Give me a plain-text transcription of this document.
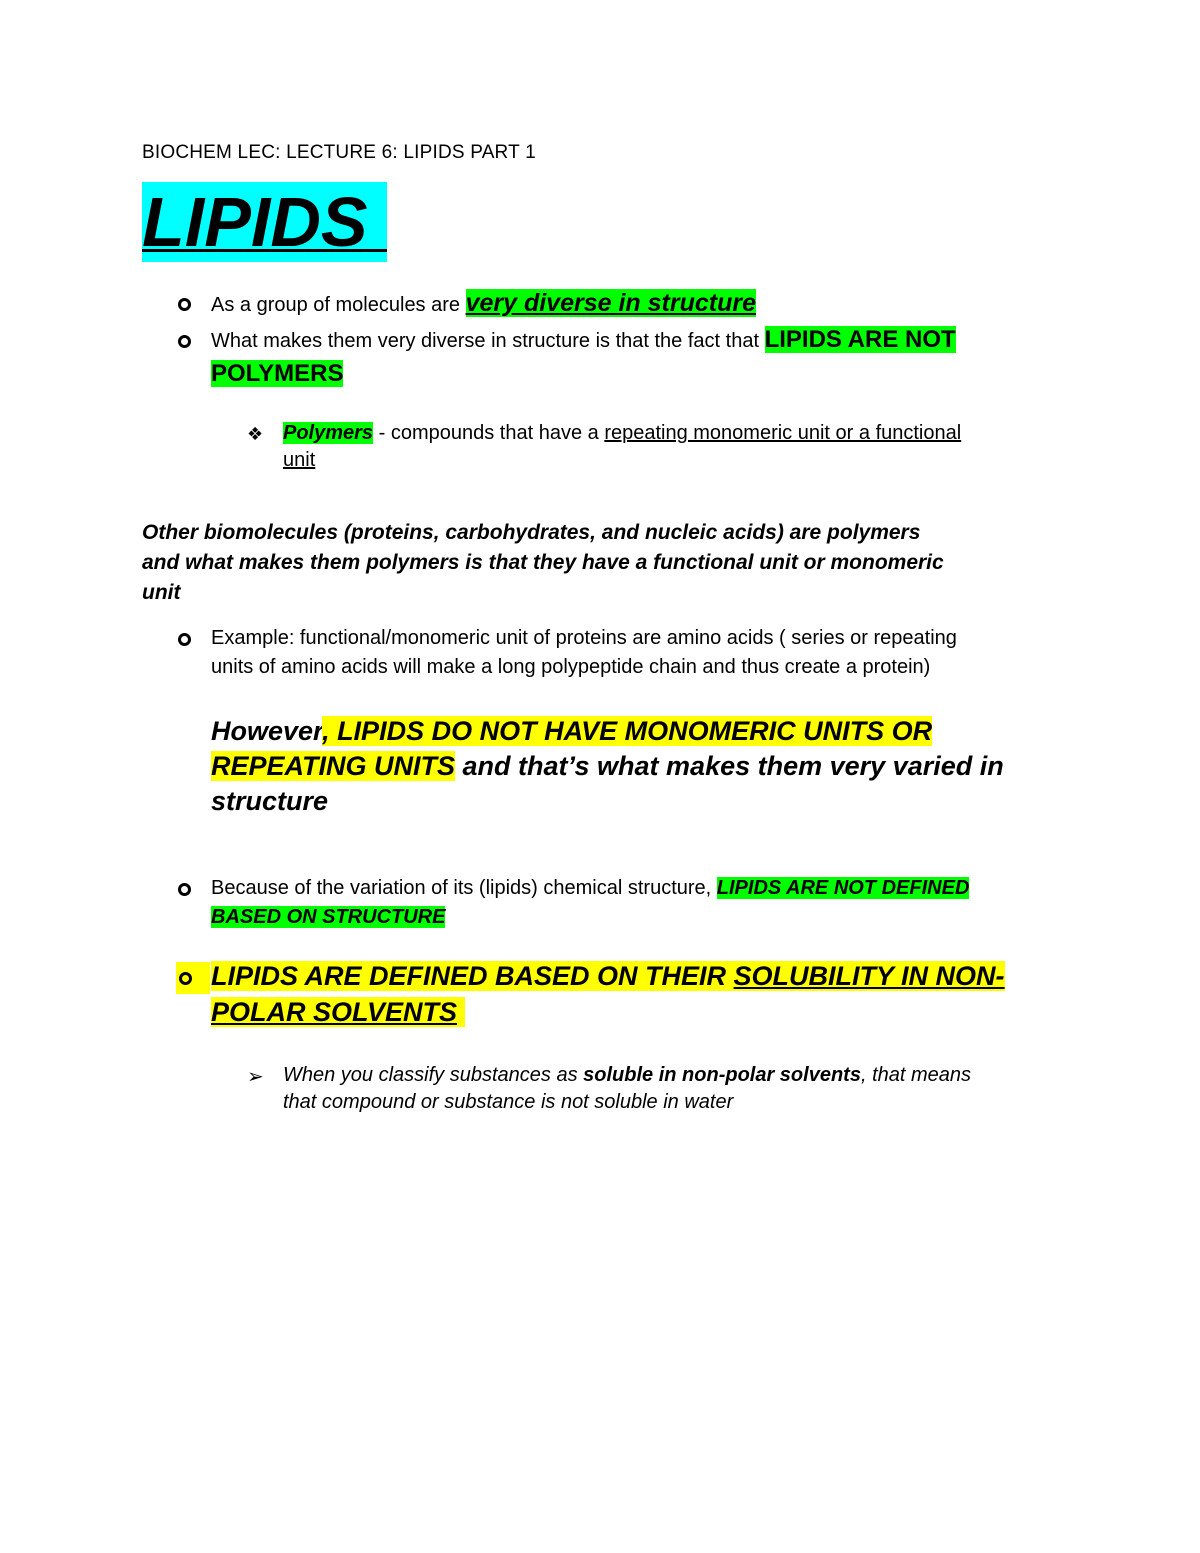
BIOCHEM LEC: LECTURE 6: LIPIDS PART 1
LIPIDS
As a group of molecules are very diverse in structure
What makes them very diverse in structure is that the fact that LIPIDS ARE NOT
POLYMERS
❖ Polymers - compounds that have a repeating monomeric unit or a functional
unit
Other biomolecules (proteins, carbohydrates, and nucleic acids) are polymers
and what makes them polymers is that they have a functional unit or monomeric
unit
Example: functional/monomeric unit of proteins are amino acids ( series or repeating
units of amino acids will make a long polypeptide chain and thus create a protein)
However, LIPIDS DO NOT HAVE MONOMERIC UNITS OR
REPEATING UNITS and that’s what makes them very varied in
structure
Because of the variation of its (lipids) chemical structure, LIPIDS ARE NOT DEFINED
BASED ON STRUCTURE
LIPIDS ARE DEFINED BASED ON THEIR SOLUBILITY IN NON-
POLAR SOLVENTS
➢ When you classify substances as soluble in non-polar solvents, that means
that compound or substance is not soluble in water
